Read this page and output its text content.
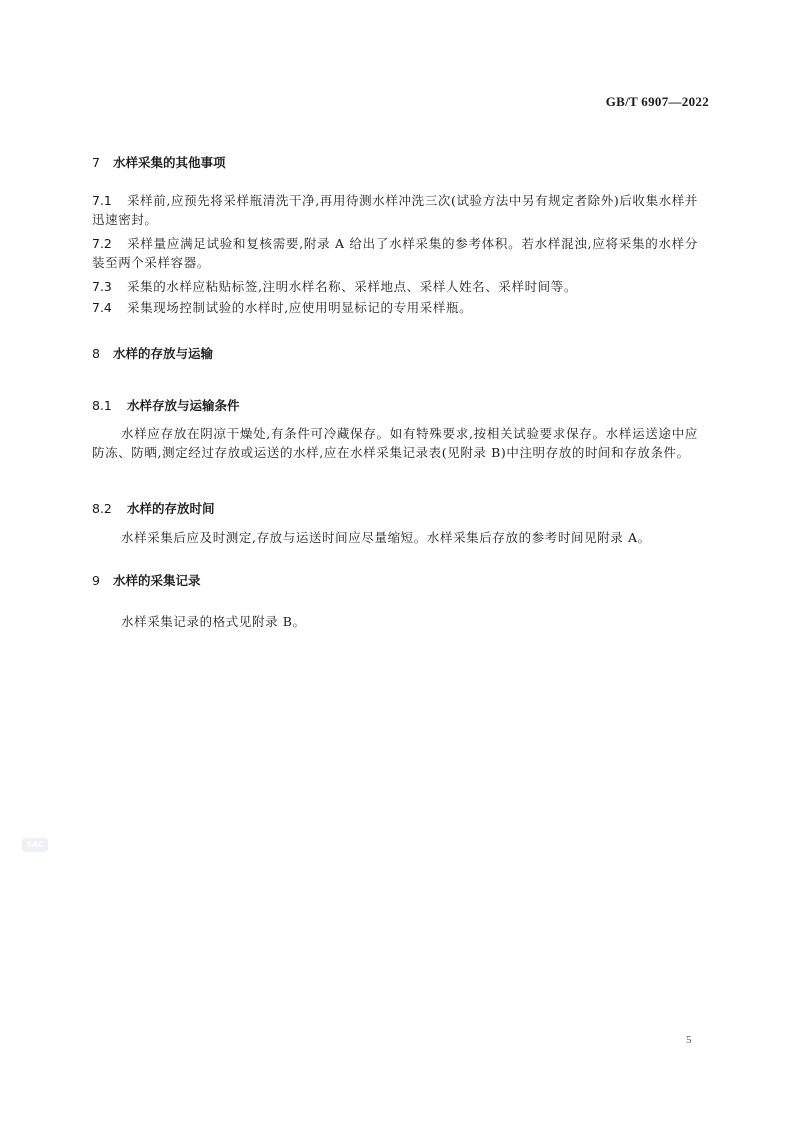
GB/T 6907—2022
7 水样采集的其他事项
7.1 采样前,应预先将采样瓶清洗干净,再用待测水样冲洗三次(试验方法中另有规定者除外)后收集水样并迅速密封。
7.2 采样量应满足试验和复核需要,附录 A 给出了水样采集的参考体积。若水样混浊,应将采集的水样分装至两个采样容器。
7.3 采集的水样应粘贴标签,注明水样名称、采样地点、采样人姓名、采样时间等。
7.4 采集现场控制试验的水样时,应使用明显标记的专用采样瓶。
8 水样的存放与运输
8.1 水样存放与运输条件
水样应存放在阴凉干燥处,有条件可冷藏保存。如有特殊要求,按相关试验要求保存。水样运送途中应防冻、防晒,测定经过存放或运送的水样,应在水样采集记录表(见附录 B)中注明存放的时间和存放条件。
8.2 水样的存放时间
水样采集后应及时测定,存放与运送时间应尽量缩短。水样采集后存放的参考时间见附录 A。
9 水样的采集记录
水样采集记录的格式见附录 B。
SAC
5
